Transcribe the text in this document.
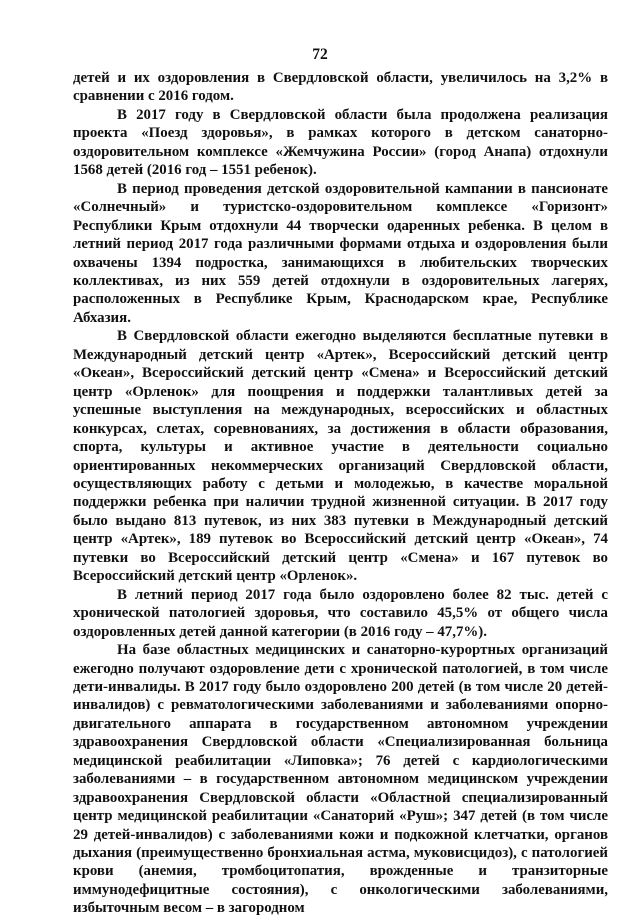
72

детей и их оздоровления в Свердловской области, увеличилось на 3,2% в сравнении с 2016 годом.

В 2017 году в Свердловской области была продолжена реализация проекта «Поезд здоровья», в рамках которого в детском санаторно-оздоровительном комплексе «Жемчужина России» (город Анапа) отдохнули 1568 детей (2016 год – 1551 ребенок).

В период проведения детской оздоровительной кампании в пансионате «Солнечный» и туристско-оздоровительном комплексе «Горизонт» Республики Крым отдохнули 44 творчески одаренных ребенка. В целом в летний период 2017 года различными формами отдыха и оздоровления были охвачены 1394 подростка, занимающихся в любительских творческих коллективах, из них 559 детей отдохнули в оздоровительных лагерях, расположенных в Республике Крым, Краснодарском крае, Республике Абхазия.

В Свердловской области ежегодно выделяются бесплатные путевки в Международный детский центр «Артек», Всероссийский детский центр «Океан», Всероссийский детский центр «Смена» и Всероссийский детский центр «Орленок» для поощрения и поддержки талантливых детей за успешные выступления на международных, всероссийских и областных конкурсах, слетах, соревнованиях, за достижения в области образования, спорта, культуры и активное участие в деятельности социально ориентированных некоммерческих организаций Свердловской области, осуществляющих работу с детьми и молодежью, в качестве моральной поддержки ребенка при наличии трудной жизненной ситуации. В 2017 году было выдано 813 путевок, из них 383 путевки в Международный детский центр «Артек», 189 путевок во Всероссийский детский центр «Океан», 74 путевки во Всероссийский детский центр «Смена» и 167 путевок во Всероссийский детский центр «Орленок».

В летний период 2017 года было оздоровлено более 82 тыс. детей с хронической патологией здоровья, что составило 45,5% от общего числа оздоровленных детей данной категории (в 2016 году – 47,7%).

На базе областных медицинских и санаторно-курортных организаций ежегодно получают оздоровление дети с хронической патологией, в том числе дети-инвалиды. В 2017 году было оздоровлено 200 детей (в том числе 20 детей-инвалидов) с ревматологическими заболеваниями и заболеваниями опорно-двигательного аппарата в государственном автономном учреждении здравоохранения Свердловской области «Специализированная больница медицинской реабилитации «Липовка»; 76 детей с кардиологическими заболеваниями – в государственном автономном медицинском учреждении здравоохранения Свердловской области «Областной специализированный центр медицинской реабилитации «Санаторий «Руш»; 347 детей (в том числе 29 детей-инвалидов) с заболеваниями кожи и подкожной клетчатки, органов дыхания (преимущественно бронхиальная астма, муковисцидоз), с патологией крови (анемия, тромбоцитопатия, врожденные и транзиторные иммунодефицитные состояния), с онкологическими заболеваниями, избыточным весом – в загородном
